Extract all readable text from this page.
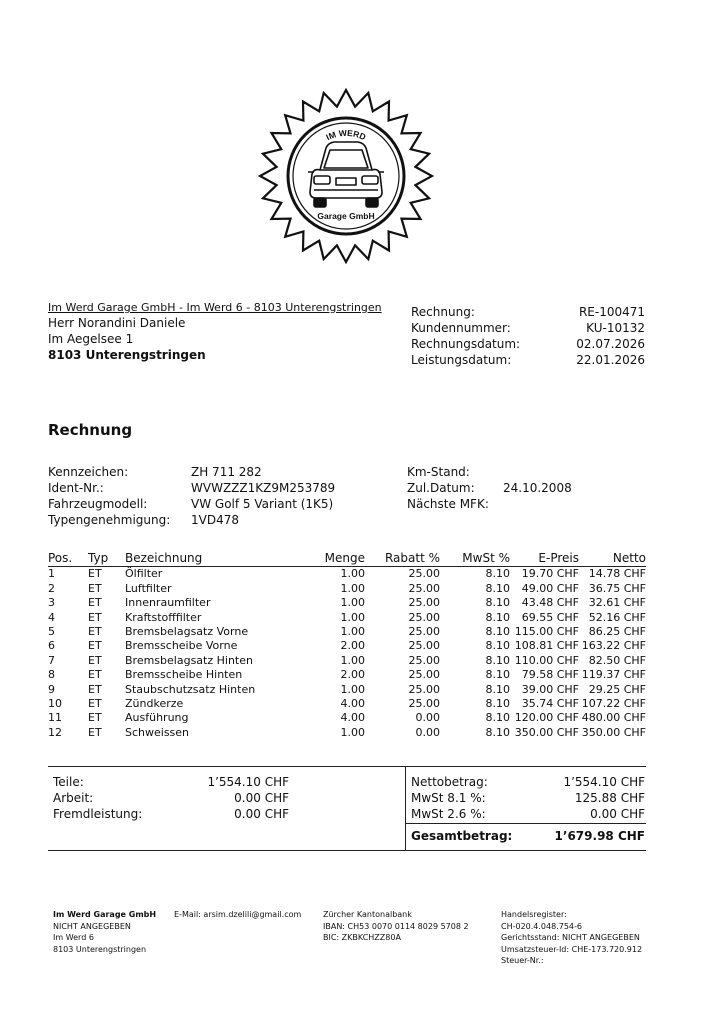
IM WERD
Garage GmbH
Im Werd Garage GmbH - Im Werd 6 - 8103 Unterengstringen
Herr Norandini Daniele
Im Aegelsee 1
8103 Unterengstringen
Rechnung:	RE-100471
Kundennummer:	KU-10132
Rechnungsdatum:	02.07.2026
Leistungsdatum:	22.01.2026
Rechnung
Kennzeichen:	ZH 711 282
Ident-Nr.:	WVWZZZ1KZ9M253789
Fahrzeugmodell:	VW Golf 5 Variant (1K5)
Typengenehmigung:	1VD478
Km-Stand:
Zul.Datum:	24.10.2008
Nächste MFK:
Pos.	Typ	Bezeichnung	Menge	Rabatt %	MwSt %	E-Preis	Netto
1	ET	Ölfilter	1.00	25.00	8.10	19.70 CHF	14.78 CHF
2	ET	Luftfilter	1.00	25.00	8.10	49.00 CHF	36.75 CHF
3	ET	Innenraumfilter	1.00	25.00	8.10	43.48 CHF	32.61 CHF
4	ET	Kraftstofffilter	1.00	25.00	8.10	69.55 CHF	52.16 CHF
5	ET	Bremsbelagsatz Vorne	1.00	25.00	8.10	115.00 CHF	86.25 CHF
6	ET	Bremsscheibe Vorne	2.00	25.00	8.10	108.81 CHF	163.22 CHF
7	ET	Bremsbelagsatz Hinten	1.00	25.00	8.10	110.00 CHF	82.50 CHF
8	ET	Bremsscheibe Hinten	2.00	25.00	8.10	79.58 CHF	119.37 CHF
9	ET	Staubschutzsatz Hinten	1.00	25.00	8.10	39.00 CHF	29.25 CHF
10	ET	Zündkerze	4.00	25.00	8.10	35.74 CHF	107.22 CHF
11	ET	Ausführung	4.00	0.00	8.10	120.00 CHF	480.00 CHF
12	ET	Schweissen	1.00	0.00	8.10	350.00 CHF	350.00 CHF
Teile:	1’554.10 CHF
Arbeit:	0.00 CHF
Fremdleistung:	0.00 CHF
Nettobetrag:	1’554.10 CHF
MwSt 8.1 %:	125.88 CHF
MwSt 2.6 %:	0.00 CHF
Gesamtbetrag:	1’679.98 CHF
Im Werd Garage GmbH
NICHT ANGEGEBEN
Im Werd 6
8103 Unterengstringen
E-Mail: arsim.dzelili@gmail.com	Zürcher Kantonalbank
IBAN: CH53 0070 0114 8029 5708 2
BIC: ZKBKCHZZ80A
Handelsregister:
CH-020.4.048.754-6
Gerichtsstand: NICHT ANGEGEBEN
Umsatzsteuer-Id: CHE-173.720.912
Steuer-Nr.:
